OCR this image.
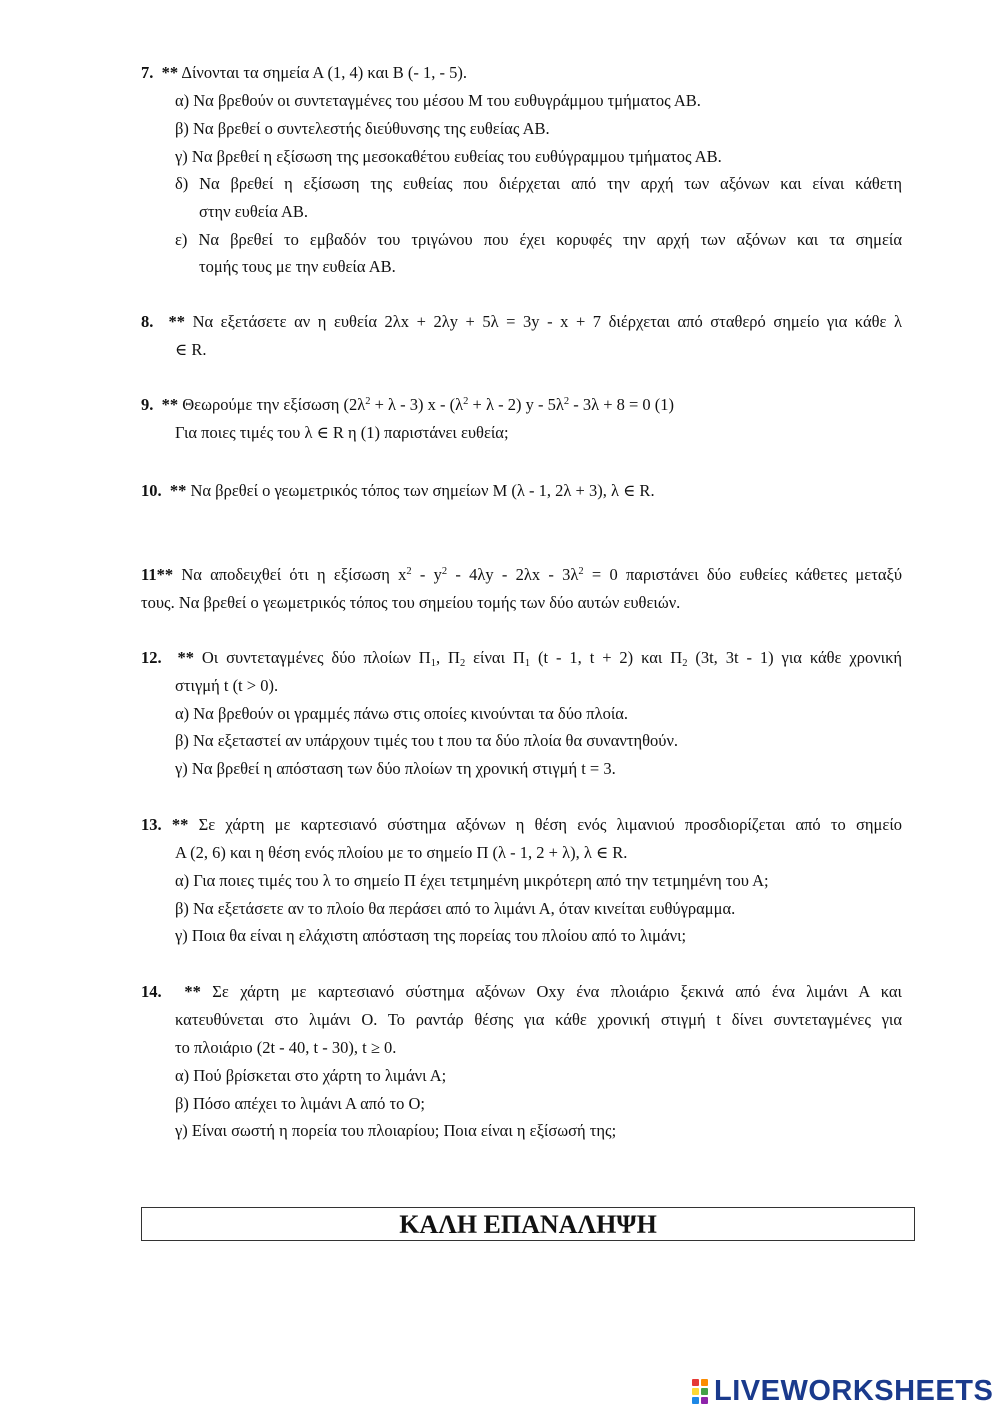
7. ** Δίνονται τα σημεία Α (1, 4) και Β (- 1, - 5).
α) Να βρεθούν οι συντεταγμένες του μέσου Μ του ευθυγράμμου τμήματος ΑΒ.
β) Να βρεθεί ο συντελεστής διεύθυνσης της ευθείας ΑΒ.
γ) Να βρεθεί η εξίσωση της μεσοκαθέτου ευθείας του ευθύγραμμου τμήματος ΑΒ.
δ) Να βρεθεί η εξίσωση της ευθείας που διέρχεται από την αρχή των αξόνων και είναι κάθετη
στην ευθεία ΑΒ.
ε) Να βρεθεί το εμβαδόν του τριγώνου που έχει κορυφές την αρχή των αξόνων και τα σημεία
τομής τους με την ευθεία ΑΒ.
8. ** Να εξετάσετε αν η ευθεία 2λx + 2λy + 5λ = 3y - x + 7 διέρχεται από σταθερό σημείο για κάθε λ
∈ R.
9. ** Θεωρούμε την εξίσωση $(2\lambda^2 + \lambda - 3)$ $x - (\lambda^2 + \lambda - 2)$ $y - 5\lambda^2 - 3\lambda + 8 = 0$ (1)
Για ποιες τιμές του λ ∈ R η (1) παριστάνει ευθεία;
10. ** Να βρεθεί ο γεωμετρικός τόπος των σημείων Μ (λ - 1, 2λ + 3), λ ∈ R.
11** Να αποδειχθεί ότι η εξίσωση $x^2 - y^2 - 4\lambda y - 2\lambda x - 3\lambda^2 = 0$ παριστάνει δύο ευθείες κάθετες μεταξύ
τους. Να βρεθεί ο γεωμετρικός τόπος του σημείου τομής των δύο αυτών ευθειών.
12. ** Οι συντεταγμένες δύο πλοίων $\Pi_1$, $\Pi_2$ είναι $\Pi_1$ (t - 1, t + 2) και $\Pi_2$ (3t, 3t - 1) για κάθε χρονική
στιγμή t (t > 0).
α) Να βρεθούν οι γραμμές πάνω στις οποίες κινούνται τα δύο πλοία.
β) Να εξεταστεί αν υπάρχουν τιμές του t που τα δύο πλοία θα συναντηθούν.
γ) Να βρεθεί η απόσταση των δύο πλοίων τη χρονική στιγμή t = 3.
13. ** Σε χάρτη με καρτεσιανό σύστημα αξόνων η θέση ενός λιμανιού προσδιορίζεται από το σημείο
Α (2, 6) και η θέση ενός πλοίου με το σημείο Π (λ - 1, 2 + λ), λ ∈ R.
α) Για ποιες τιμές του λ το σημείο Π έχει τετμημένη μικρότερη από την τετμημένη του Α;
β) Να εξετάσετε αν το πλοίο θα περάσει από το λιμάνι Α, όταν κινείται ευθύγραμμα.
γ) Ποια θα είναι η ελάχιστη απόσταση της πορείας του πλοίου από το λιμάνι;
14. ** Σε χάρτη με καρτεσιανό σύστημα αξόνων Οxy ένα πλοιάριο ξεκινά από ένα λιμάνι Α και
κατευθύνεται στο λιμάνι Ο. Το ραντάρ θέσης για κάθε χρονική στιγμή t δίνει συντεταγμένες για
το πλοιάριο (2t - 40, t - 30), t ≥ 0.
α) Πού βρίσκεται στο χάρτη το λιμάνι Α;
β) Πόσο απέχει το λιμάνι Α από το Ο;
γ) Είναι σωστή η πορεία του πλοιαρίου; Ποια είναι η εξίσωσή της;
ΚΑΛΗ ΕΠΑΝΑΛΗΨΗ
LIVEWORKSHEETS
